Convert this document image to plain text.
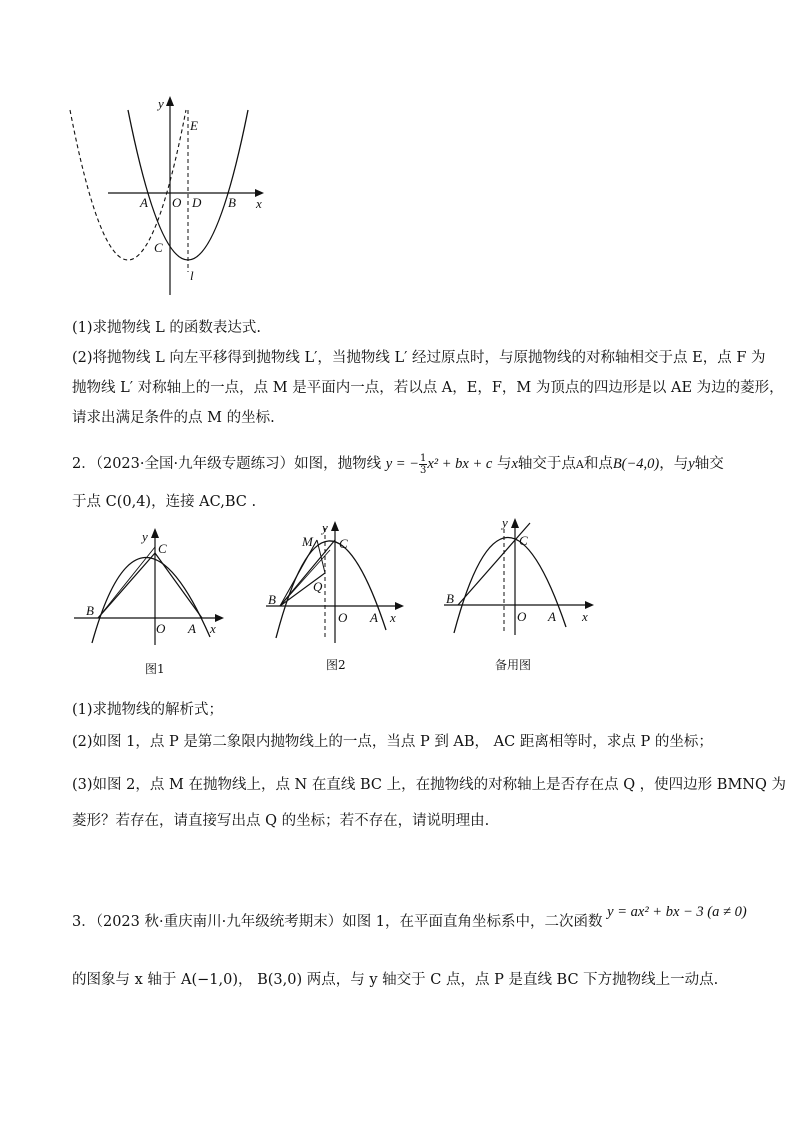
y
E
A O D B x
C
l
(1)求抛物线 L 的函数表达式.
(2)将抛物线 L 向左平移得到抛物线 L′，当抛物线 L′ 经过原点时，与原抛物线的对称轴相交于点 E，点 F 为
抛物线 L′ 对称轴上的一点，点 M 是平面内一点，若以点 A，E，F，M 为顶点的四边形是以 AE 为边的菱形，
请求出满足条件的点 M 的坐标.
2．（2023·全国·九年级专题练习）如图，抛物线 y = − $\frac{1}{3} x^2$ + bx + c 与x轴交于点A和点B(−4,0)，与y轴交
于点 C(0,4)，连接 AC,BC .
y
C
B
O A x
图1
y
M C
Q
B
O A x
图2
y
C
B
O A x
备用图
(1)求抛物线的解析式；
(2)如图 1，点 P 是第二象限内抛物线上的一点，当点 P 到 AB， AC 距离相等时，求点 P 的坐标；
(3)如图 2，点 M 在抛物线上，点 N 在直线 BC 上，在抛物线的对称轴上是否存在点 Q ，使四边形 BMNQ 为
菱形？若存在，请直接写出点 Q 的坐标；若不存在，请说明理由.
3．（2023 秋·重庆南川·九年级统考期末）如图 1，在平面直角坐标系中，二次函数 y = ax² + bx − 3 (a ≠ 0)
的图象与 x 轴于 A(−1,0)， B(3,0) 两点，与 y 轴交于 C 点，点 P 是直线 BC 下方抛物线上一动点.
